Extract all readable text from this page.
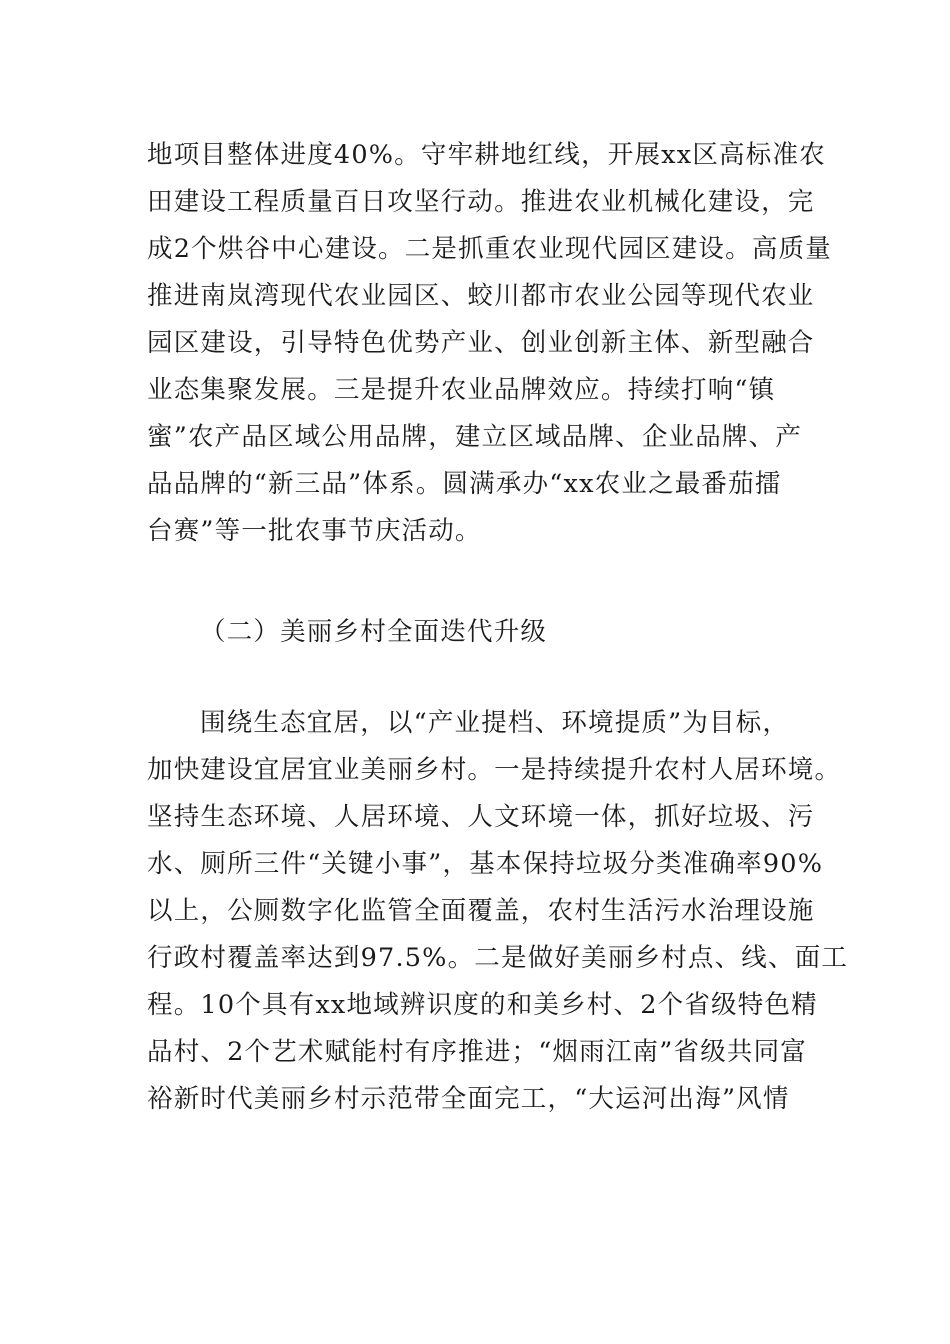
地项目整体进度40%。守牢耕地红线，开展xx区高标准农
田建设工程质量百日攻坚行动。推进农业机械化建设，完
成2个烘谷中心建设。二是抓重农业现代园区建设。高质量
推进南岚湾现代农业园区、蛟川都市农业公园等现代农业
园区建设，引导特色优势产业、创业创新主体、新型融合
业态集聚发展。三是提升农业品牌效应。持续打响“镇
蜜”农产品区域公用品牌，建立区域品牌、企业品牌、产
品品牌的“新三品”体系。圆满承办“xx农业之最番茄擂
台赛”等一批农事节庆活动。
（二）美丽乡村全面迭代升级
围绕生态宜居，以“产业提档、环境提质”为目标，
加快建设宜居宜业美丽乡村。一是持续提升农村人居环境。
坚持生态环境、人居环境、人文环境一体，抓好垃圾、污
水、厕所三件“关键小事”，基本保持垃圾分类准确率90%
以上，公厕数字化监管全面覆盖，农村生活污水治理设施
行政村覆盖率达到97.5%。二是做好美丽乡村点、线、面工
程。10个具有xx地域辨识度的和美乡村、2个省级特色精
品村、2个艺术赋能村有序推进；“烟雨江南”省级共同富
裕新时代美丽乡村示范带全面完工，“大运河出海”风情
